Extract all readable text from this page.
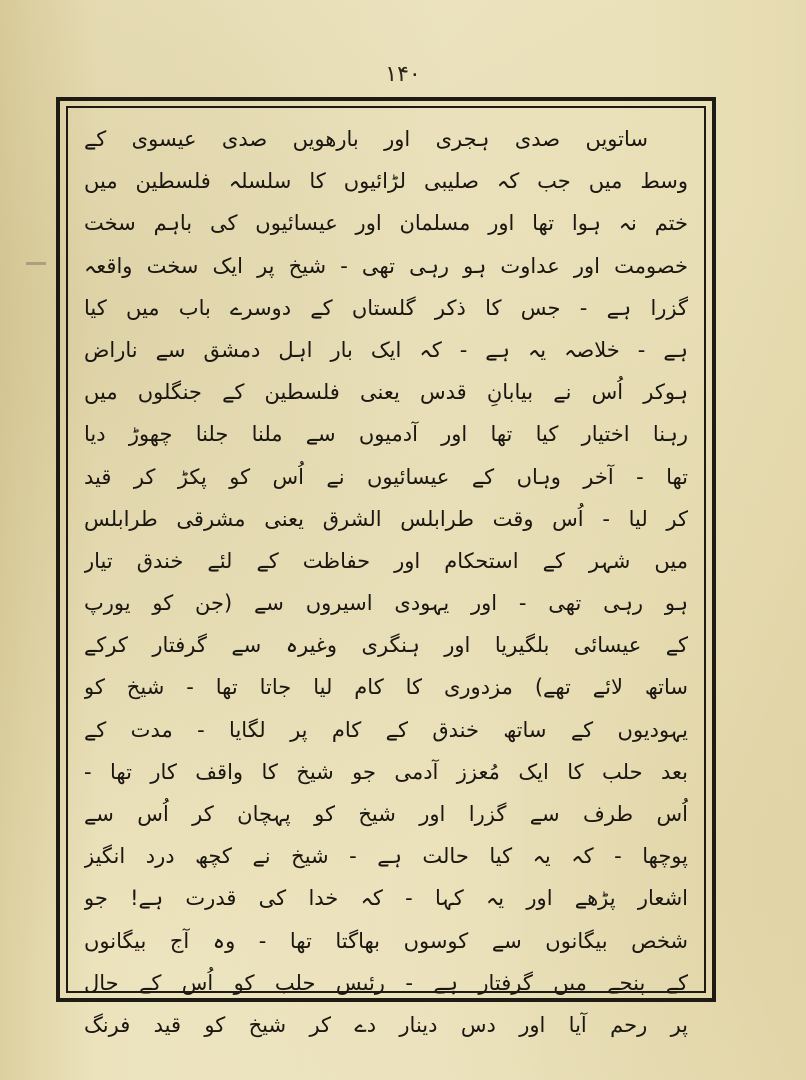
۱۴۰
ساتویں صدی ہجری اور بارھویں صدی عیسوی کے
وسط میں جب کہ صلیبی لڑائیوں کا سلسلہ فلسطین میں
ختم نہ ہوا تھا اور مسلمان اور عیسائیوں کی باہم سخت
خصومت اور عداوت ہو رہی تھی - شیخ پر ایک سخت واقعہ
گزرا ہے - جس کا ذکر گلستاں کے دوسرے باب میں کیا
ہے - خلاصہ یہ ہے - کہ ایک بار اہل دمشق سے ناراض
ہوکر اُس نے بیابانِ قدس یعنی فلسطین کے جنگلوں میں
رہنا اختیار کیا تھا اور آدمیوں سے ملنا جلنا چھوڑ دیا
تھا - آخر وہاں کے عیسائیوں نے اُس کو پکڑ کر قید
کر لیا - اُس وقت طرابلس الشرق یعنی مشرقی طرابلس
میں شہر کے استحکام اور حفاظت کے لئے خندق تیار
ہو رہی تھی - اور یہودی اسیروں سے (جن کو یورپ
کے عیسائی بلگیریا اور ہنگری وغیرہ سے گرفتار کرکے
ساتھ لائے تھے) مزدوری کا کام لیا جاتا تھا - شیخ کو
یہودیوں کے ساتھ خندق کے کام پر لگایا - مدت کے
بعد حلب کا ایک مُعزز آدمی جو شیخ کا واقف کار تھا -
اُس طرف سے گزرا اور شیخ کو پہچان کر اُس سے
پوچھا - کہ یہ کیا حالت ہے - شیخ نے کچھ درد انگیز
اشعار پڑھے اور یہ کہا - کہ خدا کی قدرت ہے! جو
شخص بیگانوں سے کوسوں بھاگتا تھا - وہ آج بیگانوں
کے پنجے میں گرفتار ہے - رئیس حلب کو اُس کے حال
پر رحم آیا اور دس دینار دے کر شیخ کو قید فرنگ
